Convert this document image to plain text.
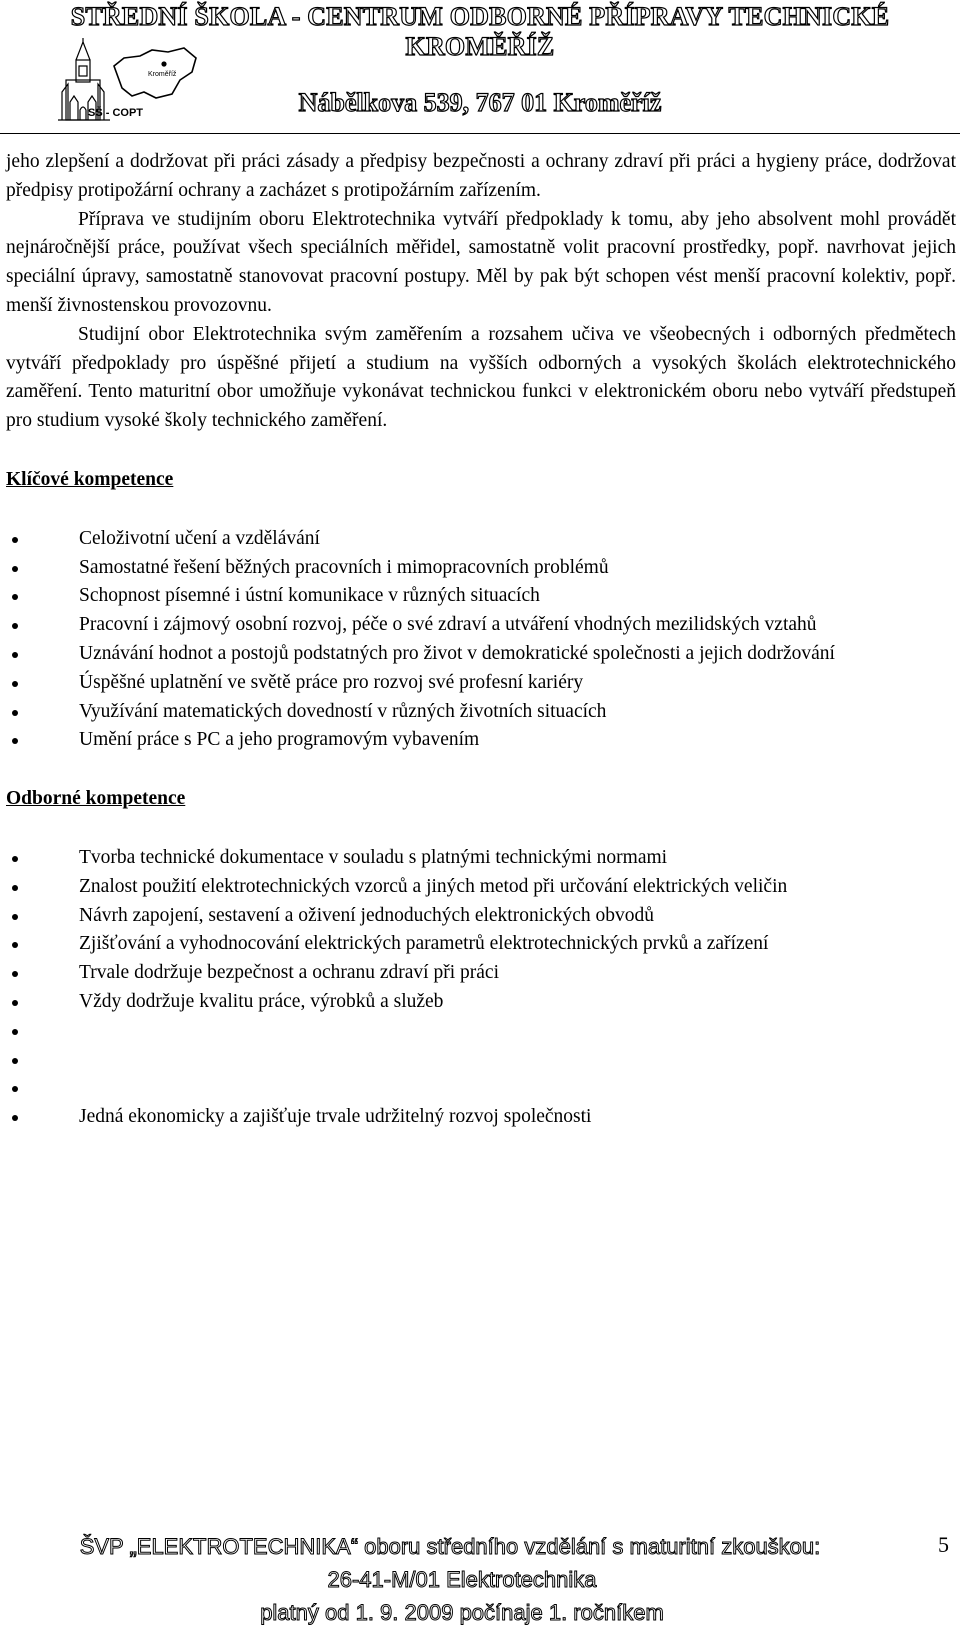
STŘEDNÍ ŠKOLA - CENTRUM ODBORNÉ PŘÍPRAVY TECHNICKÉ
KROMĚŘÍŽ
Kroměříž
SŠ - COPT	Nábělkova 539, 767 01 Kroměříž

jeho zlepšení a dodržovat při práci zásady a předpisy bezpečnosti a ochrany zdraví při práci a hygieny práce, dodržovat předpisy protipožární ochrany a zacházet s protipožárním zařízením.

Příprava ve studijním oboru Elektrotechnika vytváří předpoklady k tomu, aby jeho absolvent mohl provádět nejnáročnější práce, používat všech speciálních měřidel, samostatně volit pracovní prostředky, popř. navrhovat jejich speciální úpravy, samostatně stanovovat pracovní postupy. Měl by pak být schopen vést menší pracovní kolektiv, popř. menší živnostenskou provozovnu.

Studijní obor Elektrotechnika svým zaměřením a rozsahem učiva ve všeobecných i odborných předmětech vytváří předpoklady pro úspěšné přijetí a studium na vyšších odborných a vysokých školách elektrotechnického zaměření. Tento maturitní obor umožňuje vykonávat technickou funkci v elektronickém oboru nebo vytváří předstupeň pro studium vysoké školy technického zaměření.

Klíčové kompetence
Celoživotní učení a vzdělávání
Samostatné řešení běžných pracovních i mimopracovních problémů
Schopnost písemné i ústní komunikace v různých situacích
Pracovní i zájmový osobní rozvoj, péče o své zdraví a utváření vhodných mezilidských vztahů
Uznávání hodnot a postojů podstatných pro život v demokratické společnosti a jejich dodržování
Úspěšné uplatnění ve světě práce pro rozvoj své profesní kariéry
Využívání matematických dovedností v různých životních situacích
Umění práce s PC a jeho programovým vybavením
Odborné kompetence
Tvorba technické dokumentace v souladu s platnými technickými normami
Znalost použití elektrotechnických vzorců a jiných metod při určování elektrických veličin
Návrh zapojení, sestavení a oživení jednoduchých elektronických obvodů
Zjišťování a vyhodnocování elektrických parametrů elektrotechnických prvků a zařízení
Trvale dodržuje bezpečnost a ochranu zdraví při práci
Vždy dodržuje kvalitu práce, výrobků a služeb
Jedná ekonomicky a zajišťuje trvale udržitelný rozvoj společnosti
ŠVP „ELEKTROTECHNIKA“ oboru středního vzdělání s maturitní zkouškou:
26-41-M/01 Elektrotechnika
platný od 1. 9. 2009 počínaje 1. ročníkem
5
